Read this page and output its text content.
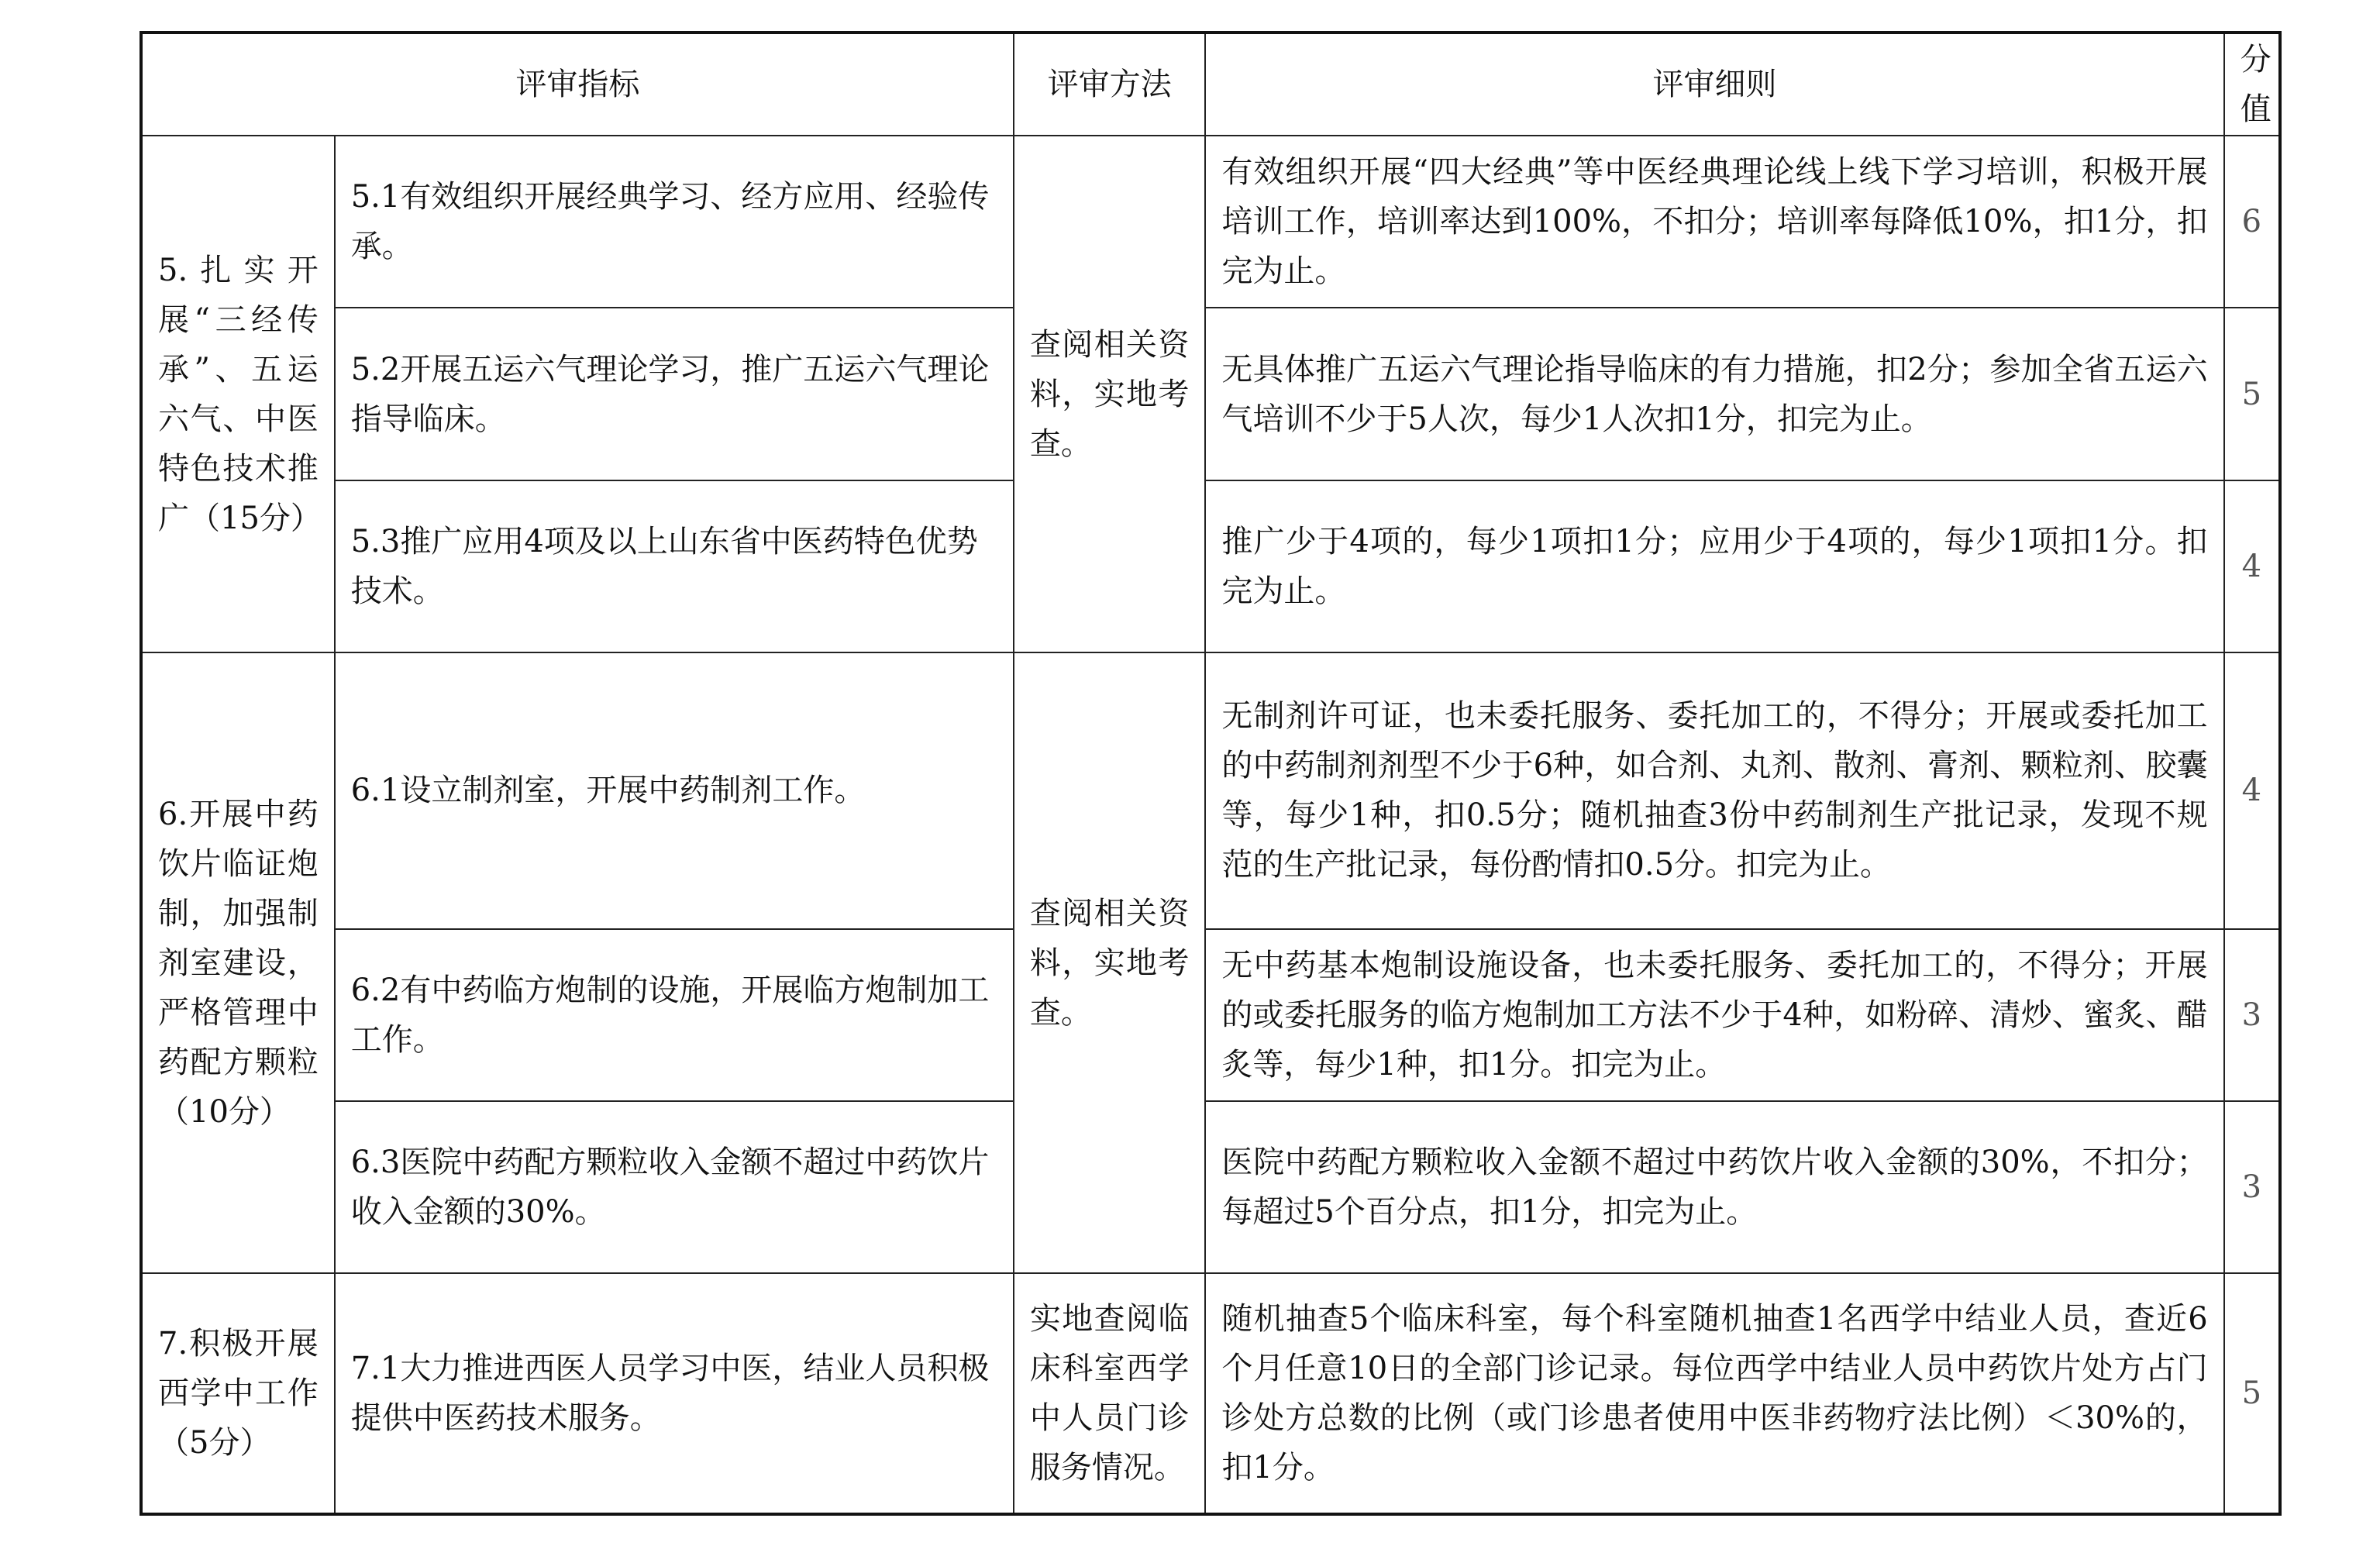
评审指标		评审方法	评审细则	分值
5.扎实开展“三经传承”、五运六气、中医特色技术推广（15分）	5.1有效组织开展经典学习、经方应用、经验传承。	查阅相关资料，实地考查。	有效组织开展“四大经典”等中医经典理论线上线下学习培训，积极开展培训工作，培训率达到100%，不扣分；培训率每降低10%，扣1分，扣完为止。	6
	5.2开展五运六气理论学习，推广五运六气理论指导临床。		无具体推广五运六气理论指导临床的有力措施，扣2分；参加全省五运六气培训不少于5人次，每少1人次扣1分，扣完为止。	5
	5.3推广应用4项及以上山东省中医药特色优势技术。		推广少于4项的，每少1项扣1分；应用少于4项的，每少1项扣1分。扣完为止。	4
6.开展中药饮片临证炮制，加强制剂室建设，严格管理中药配方颗粒（10分）	6.1设立制剂室，开展中药制剂工作。	查阅相关资料，实地考查。	无制剂许可证，也未委托服务、委托加工的，不得分；开展或委托加工的中药制剂剂型不少于6种，如合剂、丸剂、散剂、膏剂、颗粒剂、胶囊等，每少1种，扣0.5分；随机抽查3份中药制剂生产批记录，发现不规范的生产批记录，每份酌情扣0.5分。扣完为止。	4
	6.2有中药临方炮制的设施，开展临方炮制加工工作。		无中药基本炮制设施设备，也未委托服务、委托加工的，不得分；开展的或委托服务的临方炮制加工方法不少于4种，如粉碎、清炒、蜜炙、醋炙等，每少1种，扣1分。扣完为止。	3
	6.3医院中药配方颗粒收入金额不超过中药饮片收入金额的30%。		医院中药配方颗粒收入金额不超过中药饮片收入金额的30%，不扣分；每超过5个百分点，扣1分，扣完为止。	3
7.积极开展西学中工作（5分）	7.1大力推进西医人员学习中医，结业人员积极提供中医药技术服务。	实地查阅临床科室西学中人员门诊服务情况。	随机抽查5个临床科室，每个科室随机抽查1名西学中结业人员，查近6个月任意10日的全部门诊记录。每位西学中结业人员中药饮片处方占门诊处方总数的比例（或门诊患者使用中医非药物疗法比例）＜30%的，扣1分。	5
